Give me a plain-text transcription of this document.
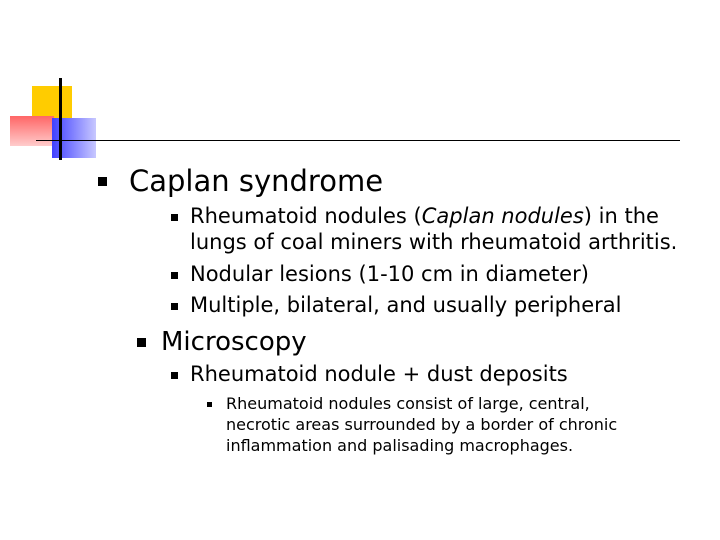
Caplan syndrome
Rheumatoid nodules (Caplan nodules) in the
lungs of coal miners with rheumatoid arthritis.
Nodular lesions (1-10 cm in diameter)
Multiple, bilateral, and usually peripheral
Microscopy
Rheumatoid nodule + dust deposits
Rheumatoid nodules consist of large, central,
necrotic areas surrounded by a border of chronic
inflammation and palisading macrophages.
